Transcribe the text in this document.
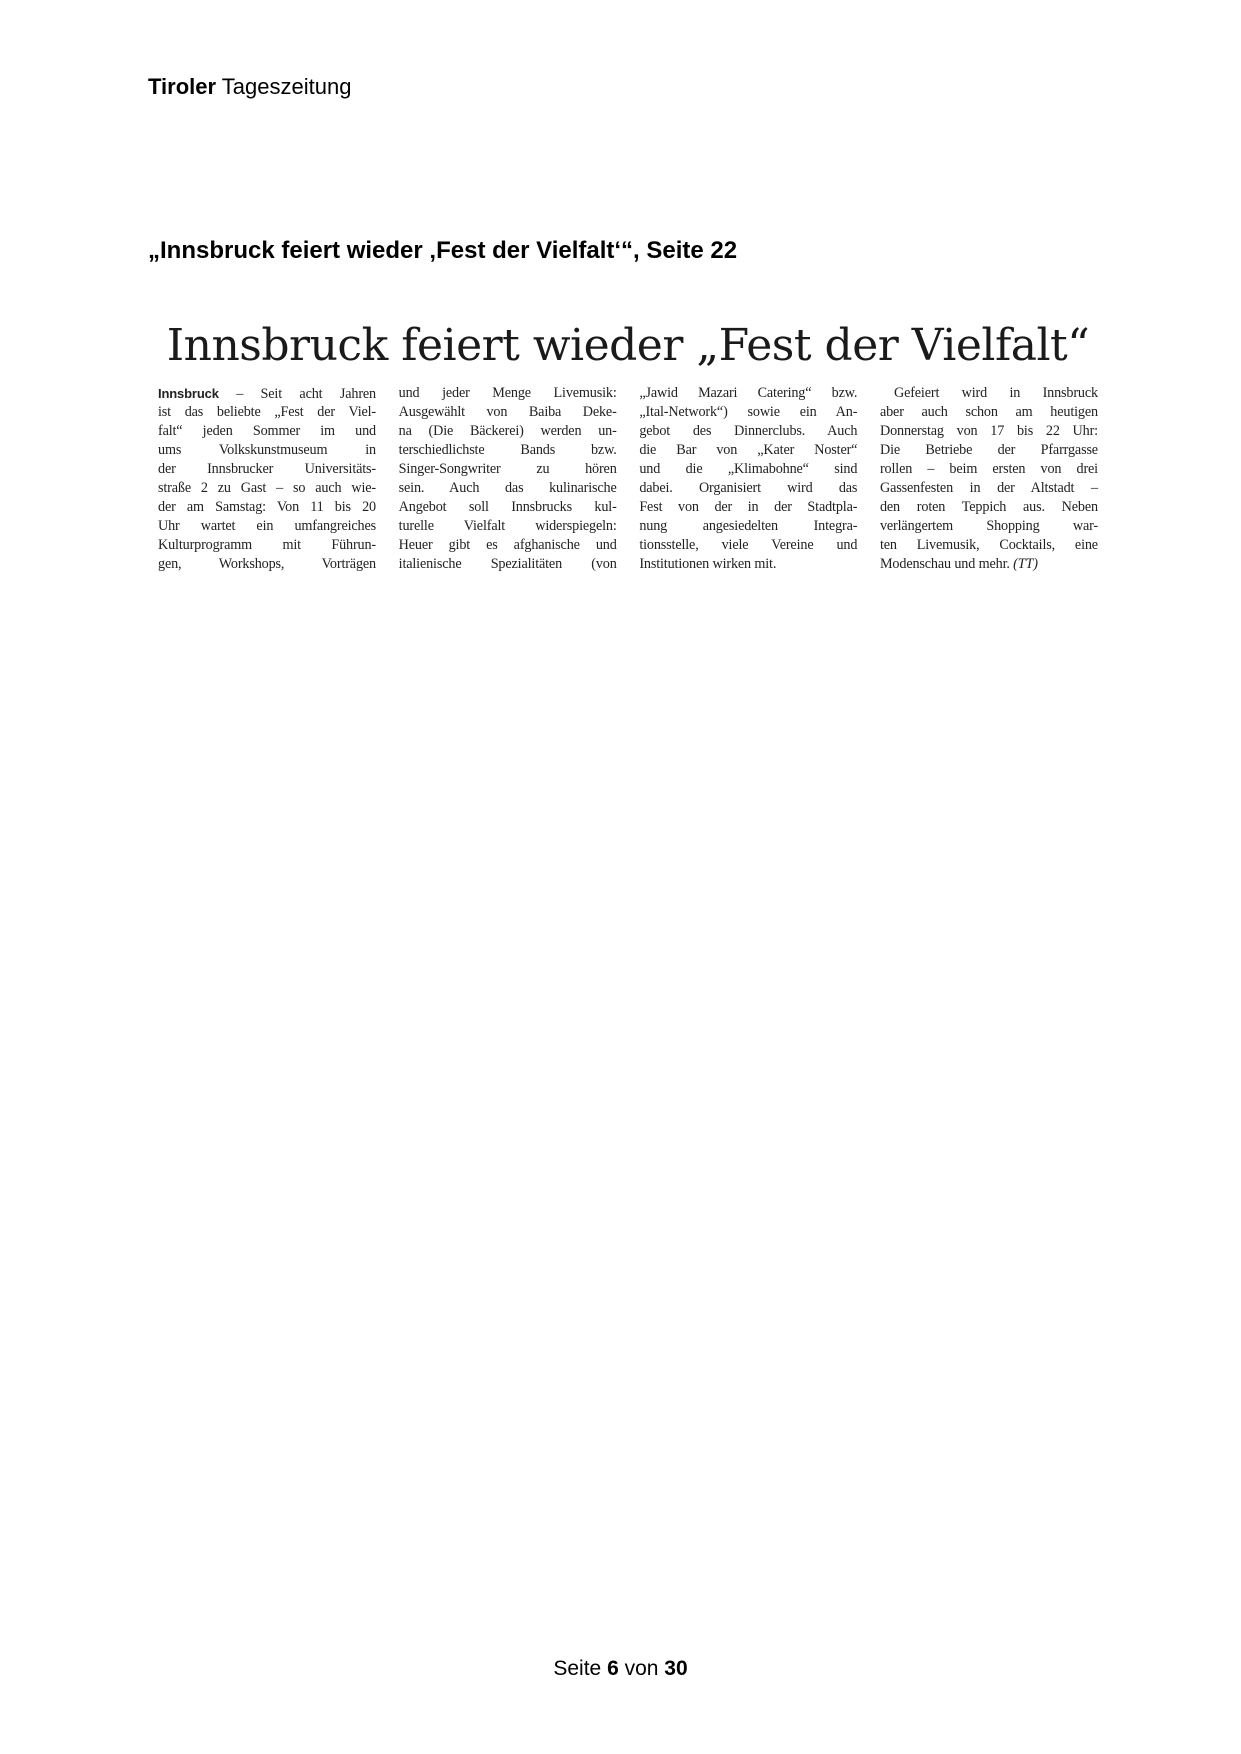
Tiroler Tageszeitung
„Innsbruck feiert wieder ‚Fest der Vielfalt‘“, Seite 22
Innsbruck feiert wieder „Fest der Vielfalt“
Innsbruck – Seit acht Jahren
ist das beliebte „Fest der Viel-
falt“ jeden Sommer im und
ums Volkskunstmuseum in
der Innsbrucker Universitäts-
straße 2 zu Gast – so auch wie-
der am Samstag: Von 11 bis 20
Uhr wartet ein umfangreiches
Kulturprogramm mit Führun-
gen, Workshops, Vorträgen
und jeder Menge Livemusik:
Ausgewählt von Baiba Deke-
na (Die Bäckerei) werden un-
terschiedlichste Bands bzw.
Singer-Songwriter zu hören
sein. Auch das kulinarische
Angebot soll Innsbrucks kul-
turelle Vielfalt widerspiegeln:
Heuer gibt es afghanische und
italienische Spezialitäten (von
„Jawid Mazari Catering“ bzw.
„Ital-Network“) sowie ein An-
gebot des Dinnerclubs. Auch
die Bar von „Kater Noster“
und die „Klimabohne“ sind
dabei. Organisiert wird das
Fest von der in der Stadtpla-
nung angesiedelten Integra-
tionsstelle, viele Vereine und
Institutionen wirken mit.
Gefeiert wird in Innsbruck
aber auch schon am heutigen
Donnerstag von 17 bis 22 Uhr:
Die Betriebe der Pfarrgasse
rollen – beim ersten von drei
Gassenfesten in der Altstadt –
den roten Teppich aus. Neben
verlängertem Shopping war-
ten Livemusik, Cocktails, eine
Modenschau und mehr. (TT)
Seite 6 von 30
